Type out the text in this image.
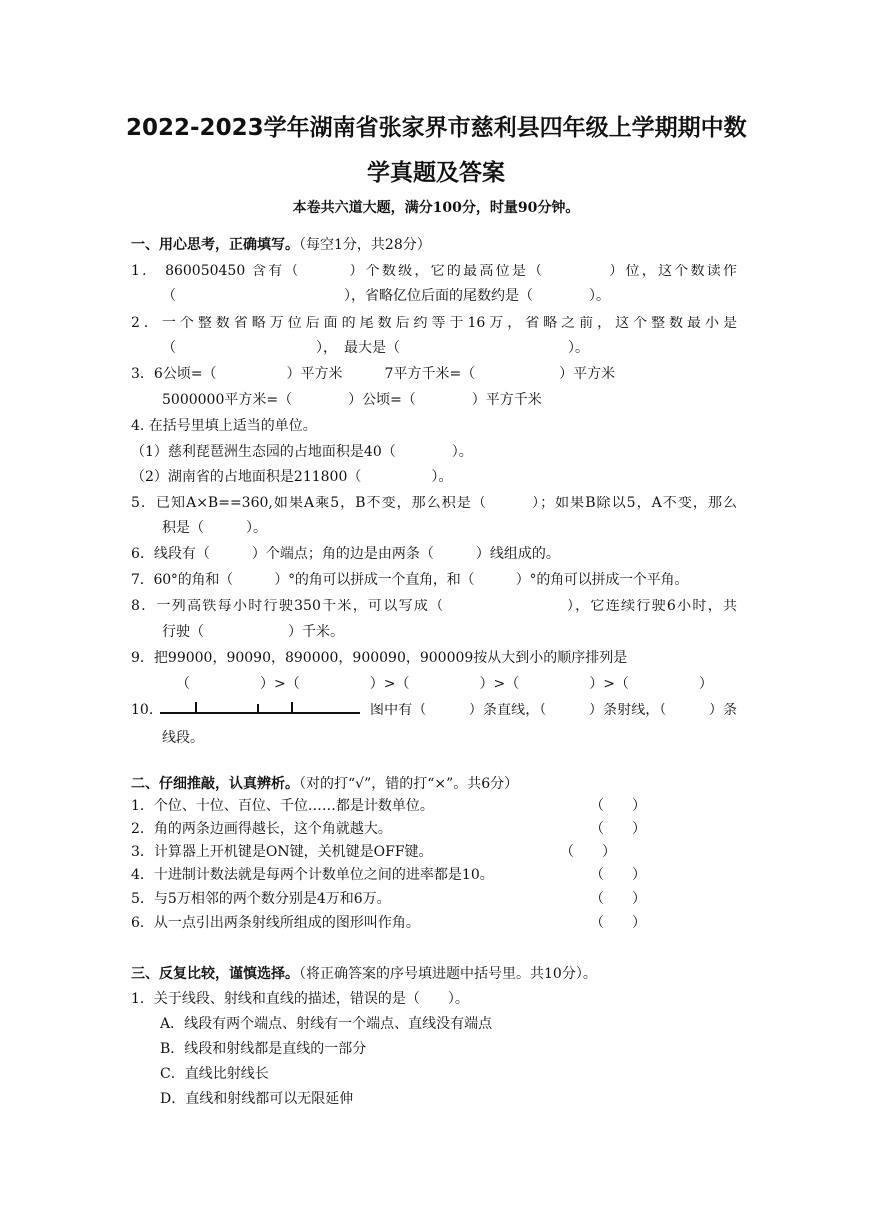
2022-2023学年湖南省张家界市慈利县四年级上学期期中数
学真题及答案
本卷共六道大题，满分100分，时量90分钟。
一、用心思考，正确填写。（每空1分，共28分）
1． 860050450 含有（　　　）个数级，它的最高位是（　　　　）位，这个数读作
（　　　　　　　　　　　　），省略亿位后面的尾数约是（　　　　）。
2．一个整数省略万位后面的尾数后约等于16万，省略之前，这个整数最小是
（　　　　　　　　　　），　最大是（　　　　　　　　　　　　）。
3．6公顷=（　　　　　）平方米　　　7平方千米=（　　　　　　）平方米
5000000平方米=（　　　　）公顷=（　　　　）平方千米
4. 在括号里填上适当的单位。
（1）慈利琵琶洲生态园的占地面积是40（　　　　）。
（2）湖南省的占地面积是211800（　　　　　）。
5．已知A×B==360,如果A乘5，B不变，那么积是（　　　）；如果B除以5，A不变，那么
积是（　　　）。
6．线段有（　　　）个端点；角的边是由两条（　　　）线组成的。
7．60°的角和（　　　）°的角可以拼成一个直角，和（　　　）°的角可以拼成一个平角。
8．一列高铁每小时行驶350千米，可以写成（　　　　　　　　），它连续行驶6小时，共
行驶（　　　　　　）千米。
9．把99000，90090，890000，900090，900009按从大到小的顺序排列是
（　　　　　）>（　　　　　）>（　　　　　）>（　　　　　）>（　　　　　）
10.	图中有（　　　）条直线，（　　　）条射线，（　　　）条
线段。
二、仔细推敲，认真辨析。（对的打“√”，错的打“×”。共6分）
1．个位、十位、百位、千位……都是计数单位。	（　　）
2．角的两条边画得越长，这个角就越大。	（　　）
3．计算器上开机键是ON键，关机键是OFF键。	（　　）
4．十进制计数法就是每两个计数单位之间的进率都是10。	（　　）
5．与5万相邻的两个数分别是4万和6万。	（　　）
6．从一点引出两条射线所组成的图形叫作角。	（　　）
三、反复比较，谨慎选择。（将正确答案的序号填进题中括号里。共10分）。
1．关于线段、射线和直线的描述，错误的是（　　）。
A．线段有两个端点、射线有一个端点、直线没有端点
B．线段和射线都是直线的一部分
C．直线比射线长
D．直线和射线都可以无限延伸
